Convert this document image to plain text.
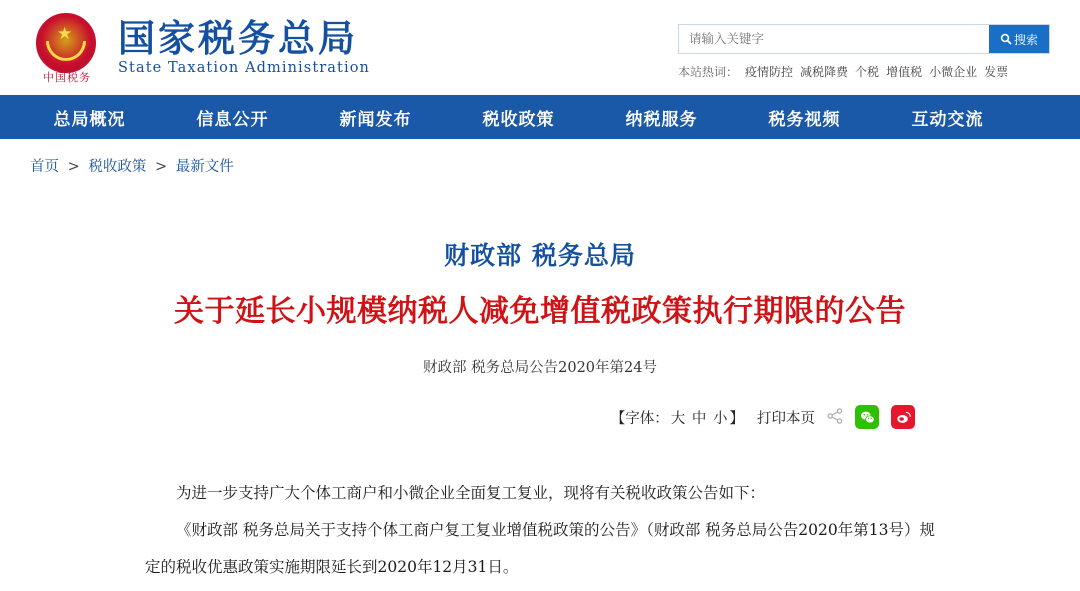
★
中国税务
国家税务总局
State Taxation Administration
请输入关键字
搜索
本站热词： 疫情防控 减税降费 个税 增值税 小微企业 发票
总局概况	信息公开	新闻发布	税收政策	纳税服务	税务视频	互动交流
首页 > 税收政策 > 最新文件
财政部 税务总局
关于延长小规模纳税人减免增值税政策执行期限的公告
财政部 税务总局公告2020年第24号
【字体： 大 中 小 】 打印本页

为进一步支持广大个体工商户和小微企业全面复工复业，现将有关税收政策公告如下：

《财政部 税务总局关于支持个体工商户复工复业增值税政策的公告》（财政部 税务总局公告2020年第13号）规定的税收优惠政策实施期限延长到2020年12月31日。
